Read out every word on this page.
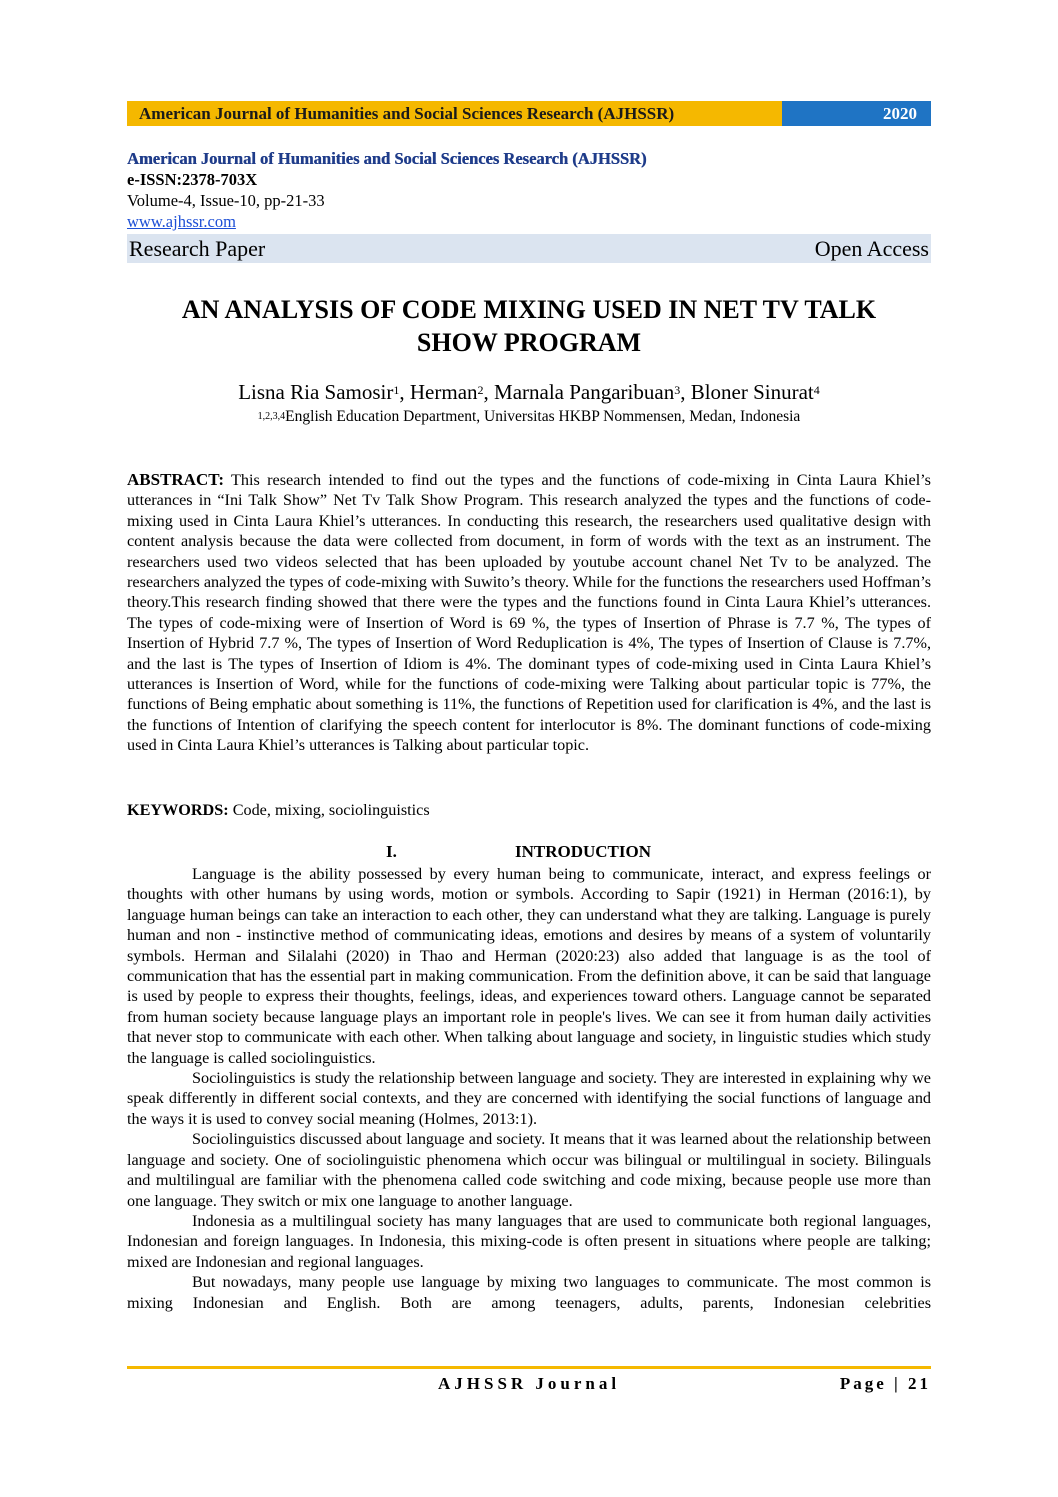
American Journal of Humanities and Social Sciences Research (AJHSSR)	2020
American Journal of Humanities and Social Sciences Research (AJHSSR)
e-ISSN:2378-703X
Volume-4, Issue-10, pp-21-33
www.ajhssr.com
Research Paper	Open Access
AN ANALYSIS OF CODE MIXING USED IN NET TV TALK
SHOW PROGRAM
Lisna Ria Samosir$^1$, Herman$^2$, Marnala Pangaribuan$^3$, Bloner Sinurat$^4$
$^{1,2,3,4}$English Education Department, Universitas HKBP Nommensen, Medan, Indonesia

ABSTRACT: This research intended to find out the types and the functions of code-mixing in Cinta Laura Khiel’s utterances in “Ini Talk Show” Net Tv Talk Show Program. This research analyzed the types and the functions of code-mixing used in Cinta Laura Khiel’s utterances. In conducting this research, the researchers used qualitative design with content analysis because the data were collected from document, in form of words with the text as an instrument. The researchers used two videos selected that has been uploaded by youtube account chanel Net Tv to be analyzed. The researchers analyzed the types of code-mixing with Suwito’s theory. While for the functions the researchers used Hoffman’s theory.This research finding showed that there were the types and the functions found in Cinta Laura Khiel’s utterances. The types of code-mixing were of Insertion of Word is 69 %, the types of Insertion of Phrase is 7.7 %, The types of Insertion of Hybrid 7.7 %, The types of Insertion of Word Reduplication is 4%, The types of Insertion of Clause is 7.7%, and the last is The types of Insertion of Idiom is 4%. The dominant types of code-mixing used in Cinta Laura Khiel’s utterances is Insertion of Word, while for the functions of code-mixing were Talking about particular topic is 77%, the functions of Being emphatic about something is 11%, the functions of Repetition used for clarification is 4%, and the last is the functions of Intention of clarifying the speech content for interlocutor is 8%. The dominant functions of code-mixing used in Cinta Laura Khiel’s utterances is Talking about particular topic.

KEYWORDS: Code, mixing, sociolinguistics
I.	INTRODUCTION

Language is the ability possessed by every human being to communicate, interact, and express feelings or thoughts with other humans by using words, motion or symbols. According to Sapir (1921) in Herman (2016:1), by language human beings can take an interaction to each other, they can understand what they are talking. Language is purely human and non - instinctive method of communicating ideas, emotions and desires by means of a system of voluntarily symbols. Herman and Silalahi (2020) in Thao and Herman (2020:23) also added that language is as the tool of communication that has the essential part in making communication. From the definition above, it can be said that language is used by people to express their thoughts, feelings, ideas, and experiences toward others. Language cannot be separated from human society because language plays an important role in people's lives. We can see it from human daily activities that never stop to communicate with each other. When talking about language and society, in linguistic studies which study the language is called sociolinguistics.

Sociolinguistics is study the relationship between language and society. They are interested in explaining why we speak differently in different social contexts, and they are concerned with identifying the social functions of language and the ways it is used to convey social meaning (Holmes, 2013:1).

Sociolinguistics discussed about language and society. It means that it was learned about the relationship between language and society. One of sociolinguistic phenomena which occur was bilingual or multilingual in society. Bilinguals and multilingual are familiar with the phenomena called code switching and code mixing, because people use more than one language. They switch or mix one language to another language.

Indonesia as a multilingual society has many languages that are used to communicate both regional languages, Indonesian and foreign languages. In Indonesia, this mixing-code is often present in situations where people are talking; mixed are Indonesian and regional languages.

But nowadays, many people use language by mixing two languages to communicate. The most common is mixing Indonesian and English. Both are among teenagers, adults, parents, Indonesian celebrities

AJHSSR Journal	Page | 21
